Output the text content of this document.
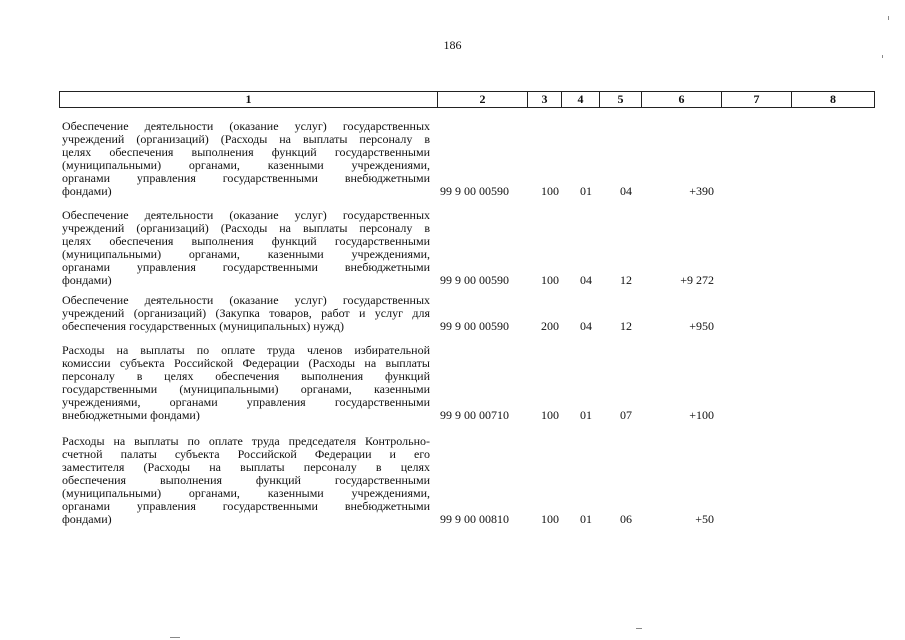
186
1	2	3	4	5	6	7	8
Обеспечение деятельности (оказание услуг) государственных
учреждений (организаций) (Расходы на выплаты персоналу в
целях обеспечения выполнения функций государственными
(муниципальными) органами, казенными учреждениями,
органами управления государственными внебюджетными
фондами)	99 9 00 00590	100	01	04	+390
Обеспечение деятельности (оказание услуг) государственных
учреждений (организаций) (Расходы на выплаты персоналу в
целях обеспечения выполнения функций государственными
(муниципальными) органами, казенными учреждениями,
органами управления государственными внебюджетными
фондами)	99 9 00 00590	100	04	12	+9 272
Обеспечение деятельности (оказание услуг) государственных
учреждений (организаций) (Закупка товаров, работ и услуг для
обеспечения государственных (муниципальных) нужд)	99 9 00 00590	200	04	12	+950
Расходы на выплаты по оплате труда членов избирательной
комиссии субъекта Российской Федерации (Расходы на выплаты
персоналу в целях обеспечения выполнения функций
государственными (муниципальными) органами, казенными
учреждениями, органами управления государственными
внебюджетными фондами)	99 9 00 00710	100	01	07	+100
Расходы на выплаты по оплате труда председателя Контрольно-
счетной палаты субъекта Российской Федерации и его
заместителя (Расходы на выплаты персоналу в целях
обеспечения выполнения функций государственными
(муниципальными) органами, казенными учреждениями,
органами управления государственными внебюджетными
фондами)	99 9 00 00810	100	01	06	+50
